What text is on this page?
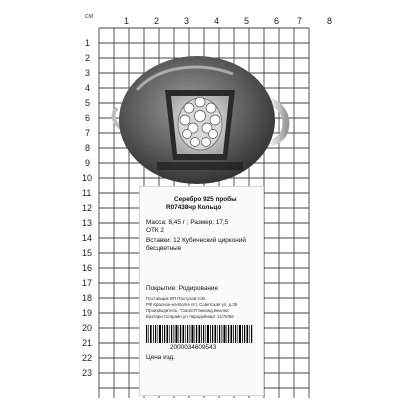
см	1	2	3	4	5	6 7	8
1
2
3
4
5
6
7
8
9
10
11
12
13
14
15
16
17
18
19
20
21
22
23
Серебро 925 пробы
R07438чр Кольцо
Масса: 8,45 г ; Размер: 17,5
ОТК 2
Вставки: 12 Кубический цирконий
бесцветные
Покрытие: Родирование
Поставщик ИП Пастухов Н.В.
РФ Красное-на-Волге пгт, Советская ул, д.39
Производитель: "Смоля"Ганканд,Веклюс
Бахтари Селрайн ул.Чародейнарт 11/76/56
2000034609543
Цена изд.
